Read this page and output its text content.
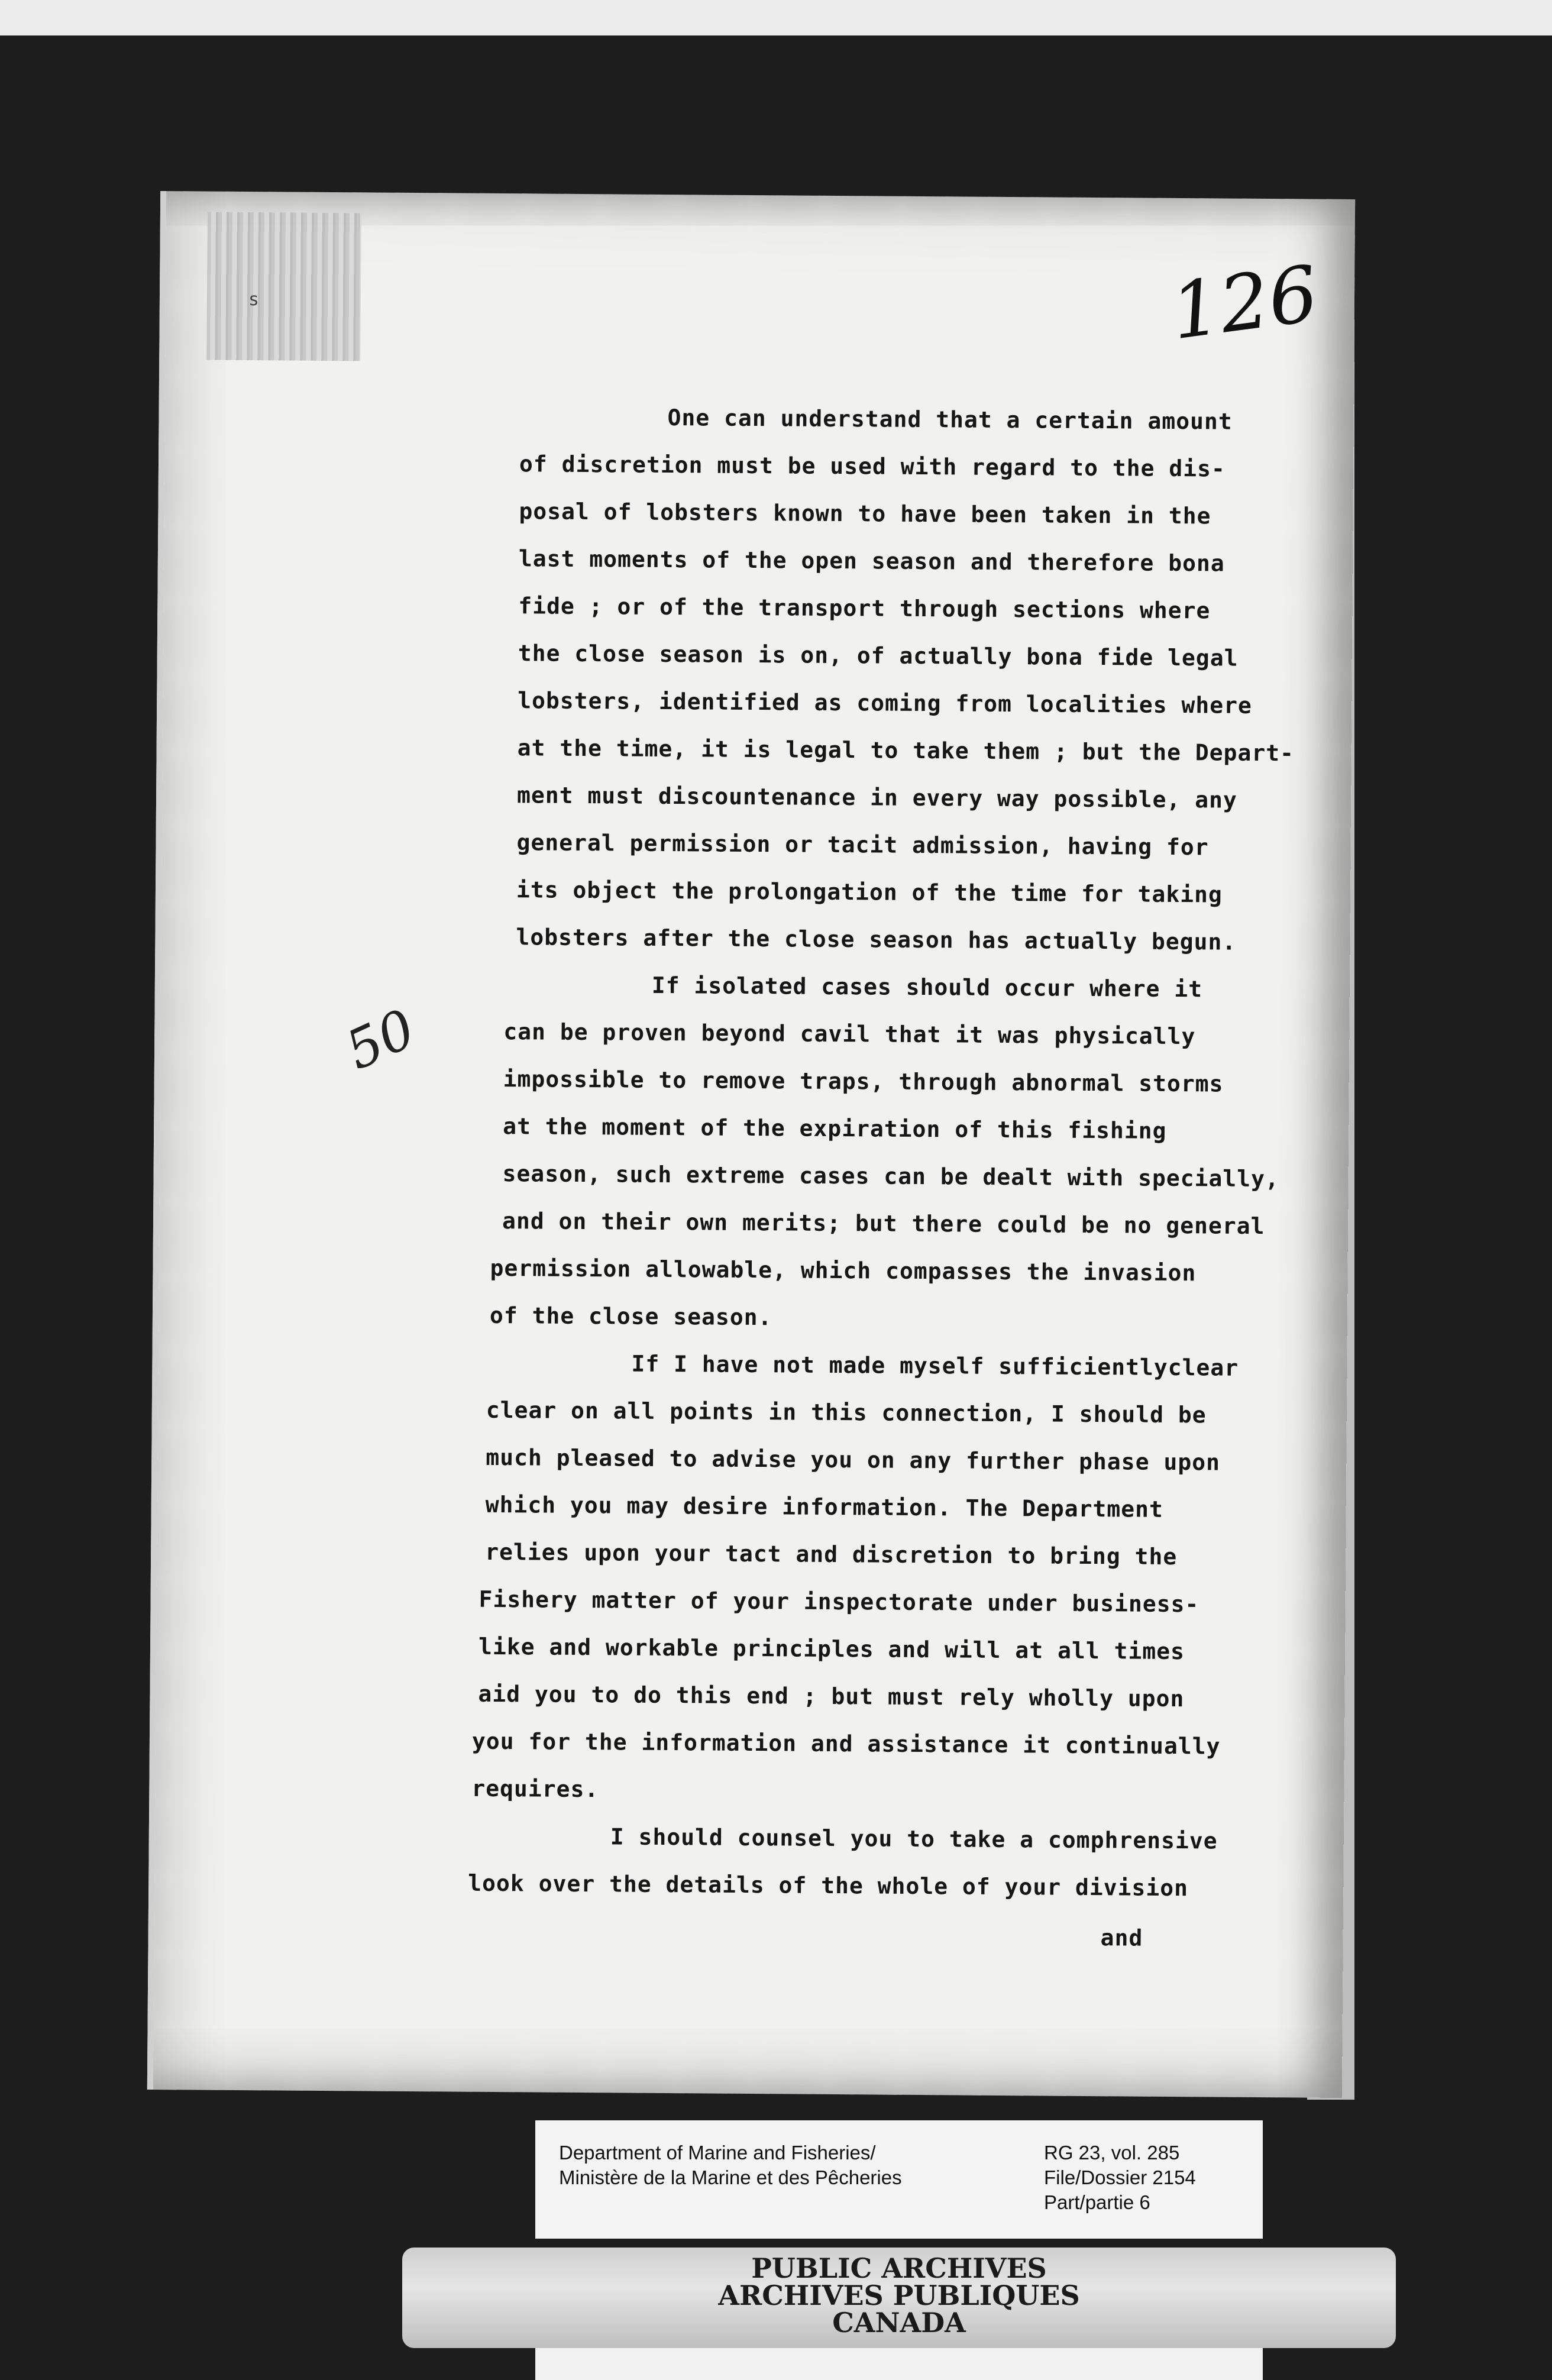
s	126
50
One can understand that a certain amount
of discretion must be used with regard to the dis-
posal of lobsters known to have been taken in the
last moments of the open season and therefore bona
fide ; or of the transport through sections where
the close season is on, of actually bona fide legal
lobsters, identified as coming from localities where
at the time, it is legal to take them ; but the Depart-
ment must discountenance in every way possible, any
general permission or tacit admission, having for
its object the prolongation of the time for taking
lobsters after the close season has actually begun.
If isolated cases should occur where it
can be proven beyond cavil that it was physically
impossible to remove traps, through abnormal storms
at the moment of the expiration of this fishing
season, such extreme cases can be dealt with specially,
and on their own merits; but there could be no general
permission allowable, which compasses the invasion
of the close season.
If I have not made myself sufficientlyclear
clear on all points in this connection, I should be
much pleased to advise you on any further phase upon
which you may desire information. The Department
relies upon your tact and discretion to bring the
Fishery matter of your inspectorate under business-
like and workable principles and will at all times
aid you to do this end ; but must rely wholly upon
you for the information and assistance it continually
requires.
I should counsel you to take a comphrensive
look over the details of the whole of your division
and
Department of Marine and Fisheries/
Ministère de la Marine et des Pêcheries
RG 23, vol. 285
File/Dossier 2154
Part/partie 6
PUBLIC ARCHIVES
ARCHIVES PUBLIQUES
CANADA
